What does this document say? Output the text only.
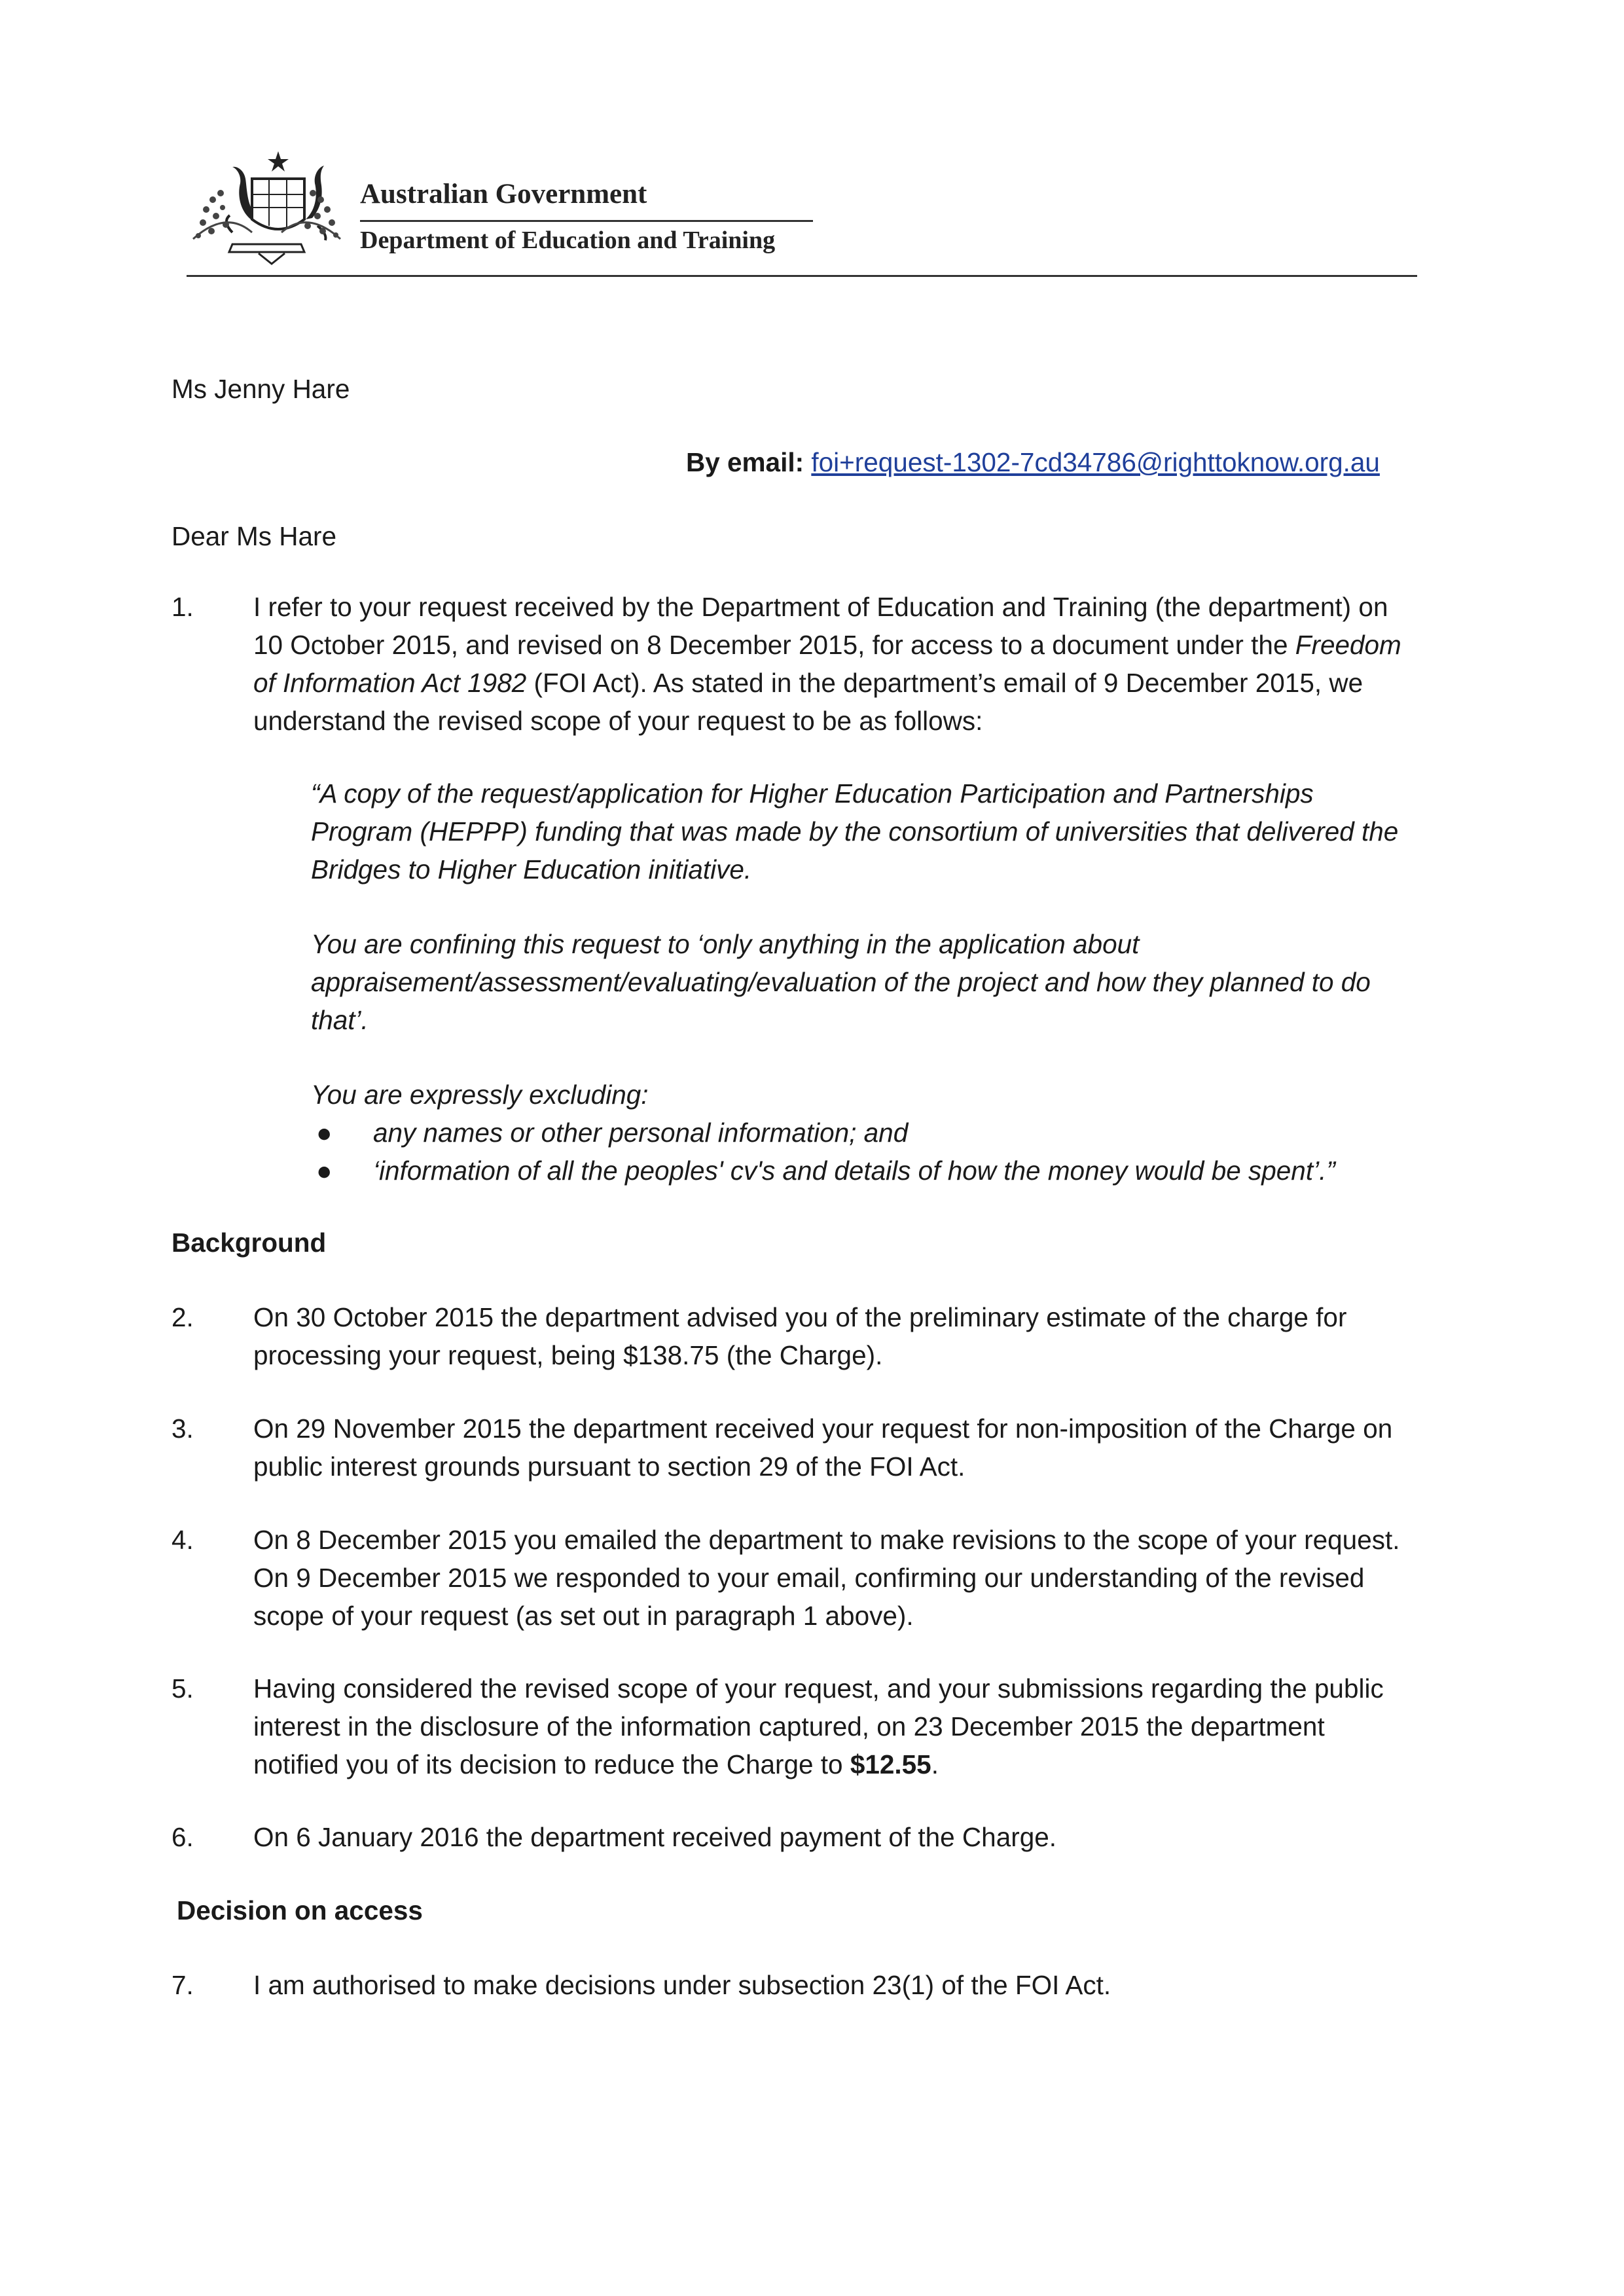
Australian Government
Department of Education and Training
Ms Jenny Hare
By email: foi+request-1302-7cd34786@righttoknow.org.au
Dear Ms Hare
1.	I refer to your request received by the Department of Education and Training (the department) on 10 October 2015, and revised on 8 December 2015, for access to a document under the Freedom of Information Act 1982 (FOI Act). As stated in the department’s email of 9 December 2015, we understand the revised scope of your request to be as follows:

“A copy of the request/application for Higher Education Participation and Partnerships Program (HEPPP) funding that was made by the consortium of universities that delivered the Bridges to Higher Education initiative.

You are confining this request to ‘only anything in the application about appraisement/assessment/evaluating/evaluation of the project and how they planned to do that’.

You are expressly excluding:

● any names or other personal information; and
● ‘information of all the peoples' cv's and details of how the money would be spent’.”
Background
2.	On 30 October 2015 the department advised you of the preliminary estimate of the charge for processing your request, being $138.75 (the Charge).

3.	On 29 November 2015 the department received your request for non-imposition of the Charge on public interest grounds pursuant to section 29 of the FOI Act.

4.	On 8 December 2015 you emailed the department to make revisions to the scope of your request. On 9 December 2015 we responded to your email, confirming our understanding of the revised scope of your request (as set out in paragraph 1 above).

5.	Having considered the revised scope of your request, and your submissions regarding the public interest in the disclosure of the information captured, on 23 December 2015 the department notified you of its decision to reduce the Charge to $12.55.

6.	On 6 January 2016 the department received payment of the Charge.

Decision on access
7.	I am authorised to make decisions under subsection 23(1) of the FOI Act.
